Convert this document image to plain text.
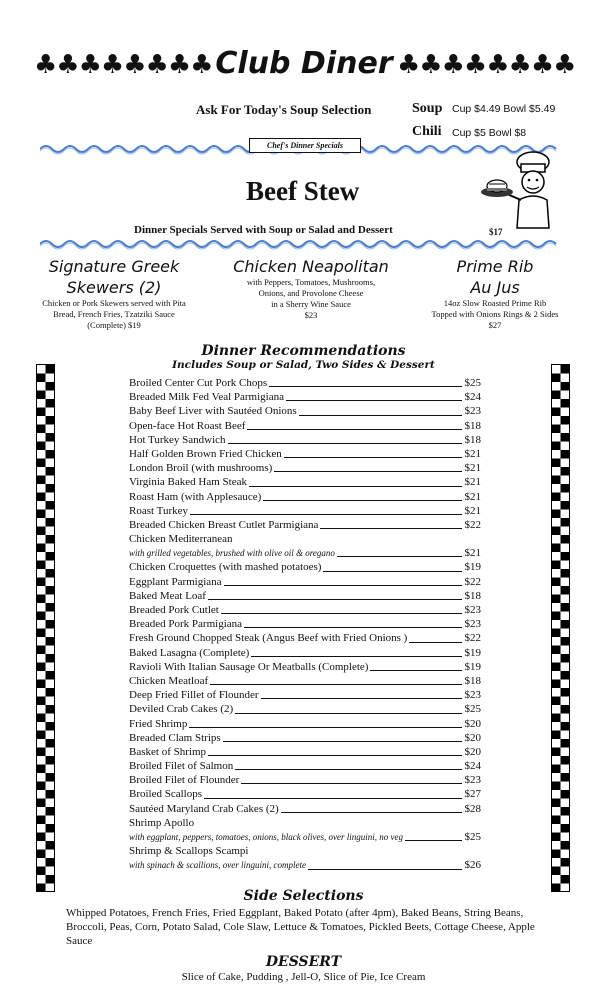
♣♣♣♣♣♣♣♣ Club Diner ♣♣♣♣♣♣♣♣
Ask For Today's Soup Selection	Soup Cup $4.49 Bowl $5.49
Chili Cup $5 Bowl $8
Chef's Dinner Specials
Beef Stew
Dinner Specials Served with Soup or Salad and Dessert	$17
Signature Greek
Skewers (2)
Chicken or Pork Skewers served with Pita
Bread, French Fries, Tzatziki Sauce
(Complete) $19
Chicken Neapolitan
with Peppers, Tomatoes, Mushrooms,
Onions, and Provolone Cheese
in a Sherry Wine Sauce
$23
Prime Rib
Au Jus
14oz Slow Roasted Prime Rib
Topped with Onions Rings & 2 Sides
$27
Dinner Recommendations
Includes Soup or Salad, Two Sides & Dessert
Broiled Center Cut Pork Chops	$25
Breaded Milk Fed Veal Parmigiana	$24
Baby Beef Liver with Sautéed Onions	$23
Open-face Hot Roast Beef	$18
Hot Turkey Sandwich	$18
Half Golden Brown Fried Chicken	$21
London Broil (with mushrooms)	$21
Virginia Baked Ham Steak	$21
Roast Ham (with Applesauce)	$21
Roast Turkey	$21
Breaded Chicken Breast Cutlet Parmigiana	$22
Chicken Mediterranean
with grilled vegetables, brushed with olive oil & oregano	$21
Chicken Croquettes (with mashed potatoes)	$19
Eggplant Parmigiana	$22
Baked Meat Loaf	$18
Breaded Pork Cutlet	$23
Breaded Pork Parmigiana	$23
Fresh Ground Chopped Steak (Angus Beef with Fried Onions )	$22
Baked Lasagna (Complete)	$19
Ravioli With Italian Sausage Or Meatballs (Complete)	$19
Chicken Meatloaf	$18
Deep Fried Fillet of Flounder	$23
Deviled Crab Cakes (2)	$25
Fried Shrimp	$20
Breaded Clam Strips	$20
Basket of Shrimp	$20
Broiled Filet of Salmon	$24
Broiled Filet of Flounder	$23
Broiled Scallops	$27
Sautéed Maryland Crab Cakes (2)	$28
Shrimp Apollo
with eggplant, peppers, tomatoes, onions, black olives, over linguini, no veg	$25
Shrimp & Scallops Scampi
with spinach & scallions, over linguini, complete	$26
Side Selections
Whipped Potatoes, French Fries, Fried Eggplant, Baked Potato (after 4pm), Baked Beans, String Beans, Broccoli, Peas, Corn, Potato Salad, Cole Slaw, Lettuce & Tomatoes, Pickled Beets, Cottage Cheese, Apple Sauce
DESSERT
Slice of Cake, Pudding , Jell-O, Slice of Pie, Ice Cream
